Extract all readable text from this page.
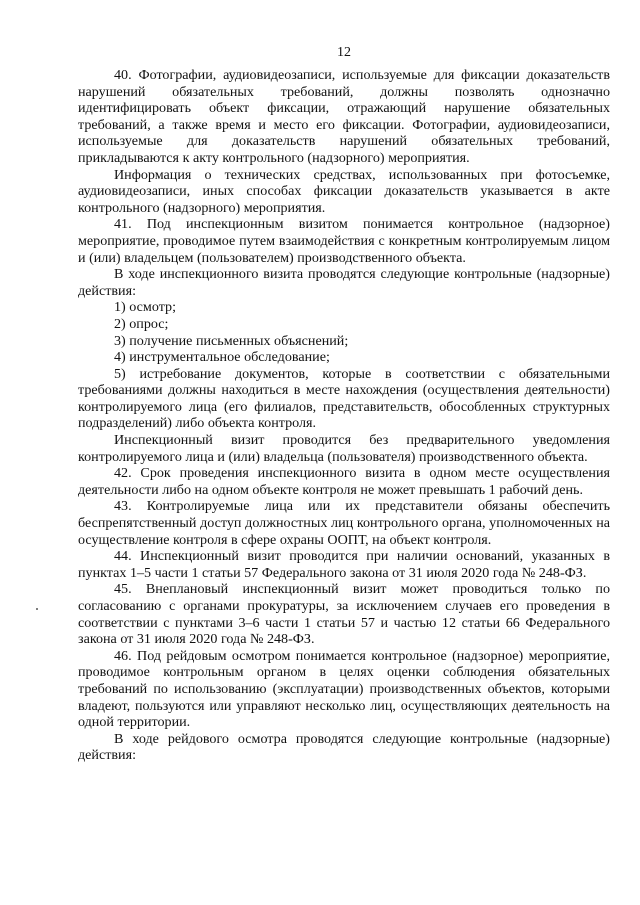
12

40. Фотографии, аудиовидеозаписи, используемые для фиксации доказательств нарушений обязательных требований, должны позволять однозначно идентифицировать объект фиксации, отражающий нарушение обязательных требований, а также время и место его фиксации. Фотографии, аудиовидеозаписи, используемые для доказательств нарушений обязательных требований, прикладываются к акту контрольного (надзорного) мероприятия.

Информация о технических средствах, использованных при фотосъемке, аудиовидеозаписи, иных способах фиксации доказательств указывается в акте контрольного (надзорного) мероприятия.

41. Под инспекционным визитом понимается контрольное (надзорное) мероприятие, проводимое путем взаимодействия с конкретным контролируемым лицом и (или) владельцем (пользователем) производственного объекта.

В ходе инспекционного визита проводятся следующие контрольные (надзорные) действия:

1) осмотр;

2) опрос;

3) получение письменных объяснений;

4) инструментальное обследование;

5) истребование документов, которые в соответствии с обязательными требованиями должны находиться в месте нахождения (осуществления деятельности) контролируемого лица (его филиалов, представительств, обособленных структурных подразделений) либо объекта контроля.

Инспекционный визит проводится без предварительного уведомления контролируемого лица и (или) владельца (пользователя) производственного объекта.

42. Срок проведения инспекционного визита в одном месте осуществления деятельности либо на одном объекте контроля не может превышать 1 рабочий день.

43. Контролируемые лица или их представители обязаны обеспечить беспрепятственный доступ должностных лиц контрольного органа, уполномоченных на осуществление контроля в сфере охраны ООПТ, на объект контроля.

44. Инспекционный визит проводится при наличии оснований, указанных в пунктах 1–5 части 1 статьи 57 Федерального закона от 31 июля 2020 года № 248-ФЗ.

45. Внеплановый инспекционный визит может проводиться только по согласованию с органами прокуратуры, за исключением случаев его проведения в соответствии с пунктами 3–6 части 1 статьи 57 и частью 12 статьи 66 Федерального закона от 31 июля 2020 года № 248-ФЗ.

46. Под рейдовым осмотром понимается контрольное (надзорное) мероприятие, проводимое контрольным органом в целях оценки соблюдения обязательных требований по использованию (эксплуатации) производственных объектов, которыми владеют, пользуются или управляют несколько лиц, осуществляющих деятельность на одной территории.

В ходе рейдового осмотра проводятся следующие контрольные (надзорные) действия:
